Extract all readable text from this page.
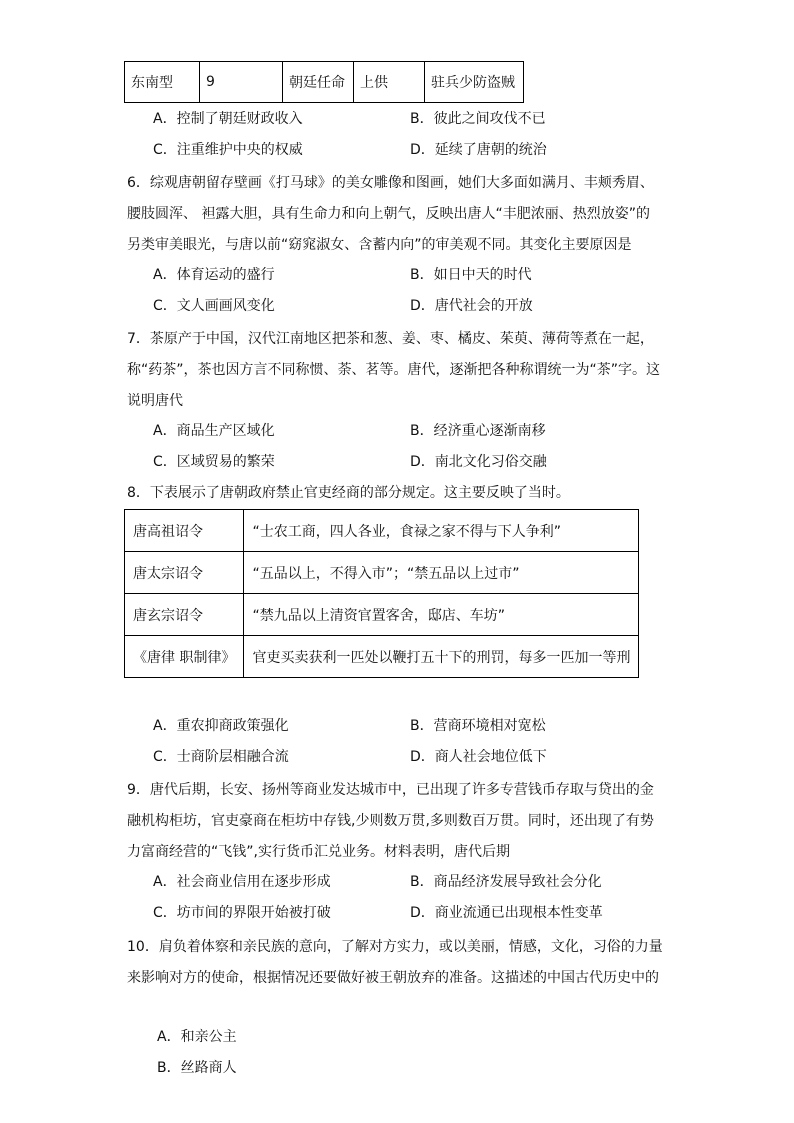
东南型	9	朝廷任命	上供	驻兵少防盗贼
A．控制了朝廷财政收入	B．彼此之间攻伐不已
C．注重维护中央的权威	D．延续了唐朝的统治
6．综观唐朝留存壁画《打马球》的美女雕像和图画，她们大多面如满月、丰颊秀眉、
腰肢圆浑、 袒露大胆，具有生命力和向上朝气，反映出唐人“丰肥浓丽、热烈放姿”的
另类审美眼光，与唐以前“窈窕淑女、含蓄内向”的审美观不同。其变化主要原因是
A．体育运动的盛行	B．如日中天的时代
C．文人画画风变化	D．唐代社会的开放
7．茶原产于中国，汉代江南地区把茶和葱、姜、枣、橘皮、茱萸、薄荷等煮在一起，
称“药茶”，茶也因方言不同称惯、荼、茗等。唐代，逐渐把各种称谓统一为“茶”字。这
说明唐代
A．商品生产区域化	B．经济重心逐渐南移
C．区域贸易的繁荣	D．南北文化习俗交融
8．下表展示了唐朝政府禁止官吏经商的部分规定。这主要反映了当时。
唐高祖诏令	“士农工商，四人各业，食禄之家不得与下人争利”
唐太宗诏令	“五品以上，不得入市”；“禁五品以上过市”
唐玄宗诏令	“禁九品以上清资官置客舍，邸店、车坊”
《唐律 职制律》	官吏买卖获利一匹处以鞭打五十下的刑罚，每多一匹加一等刑
A．重农抑商政策强化	B．营商环境相对宽松
C．士商阶层相融合流	D．商人社会地位低下
9．唐代后期，长安、扬州等商业发达城市中，已出现了许多专营钱币存取与贷出的金
融机构柜坊，官吏豪商在柜坊中存钱,少则数万贯,多则数百万贯。同时，还出现了有势
力富商经营的“飞钱”,实行货币汇兑业务。材料表明，唐代后期
A．社会商业信用在逐步形成	B．商品经济发展导致社会分化
C．坊市间的界限开始被打破	D．商业流通已出现根本性变革
10．肩负着体察和亲民族的意向，了解对方实力，或以美丽，情感，文化，习俗的力量
来影响对方的使命，根据情况还要做好被王朝放弃的准备。这描述的中国古代历史中的
A．和亲公主
B．丝路商人
